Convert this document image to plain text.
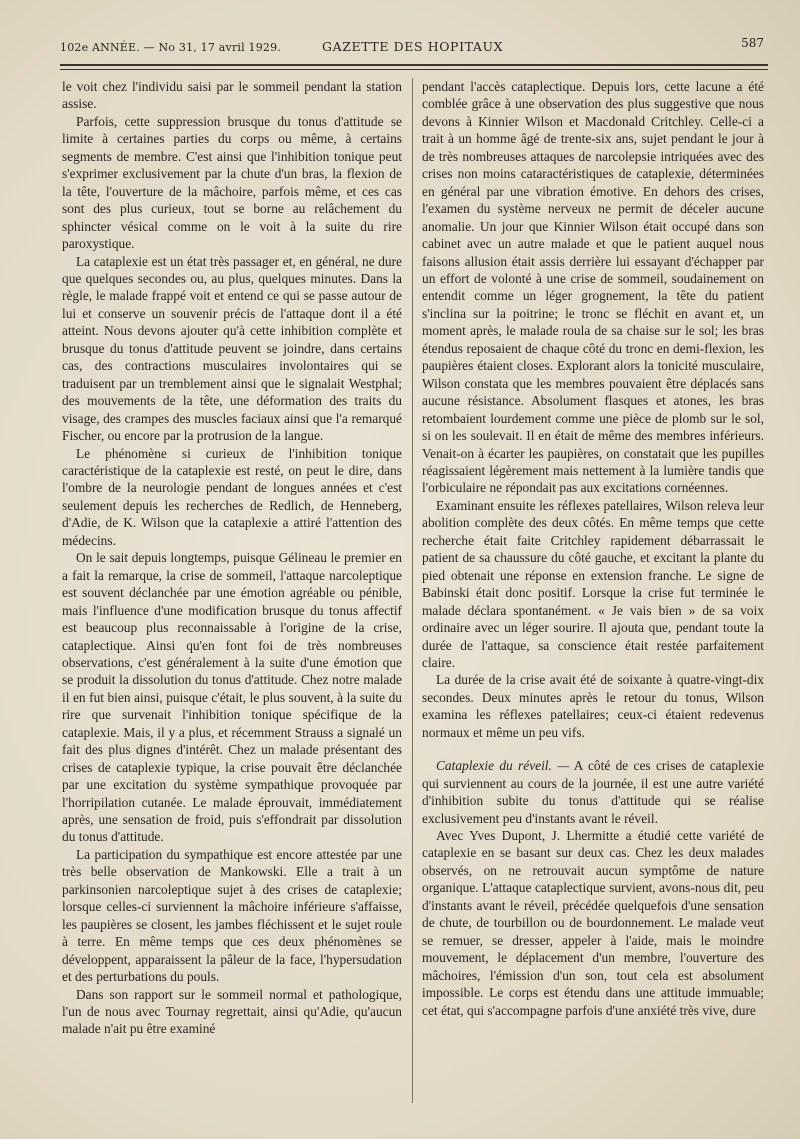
102e ANNÉE. — No 31, 17 avril 1929.	GAZETTE DES HOPITAUX	587

le voit chez l'individu saisi par le sommeil pendant la station assise.

Parfois, cette suppression brusque du tonus d'attitude se limite à certaines parties du corps ou même, à certains segments de membre. C'est ainsi que l'inhibition tonique peut s'exprimer exclusivement par la chute d'un bras, la flexion de la tête, l'ouverture de la mâchoire, parfois même, et ces cas sont des plus curieux, tout se borne au relâchement du sphincter vésical comme on le voit à la suite du rire paroxystique.

La cataplexie est un état très passager et, en général, ne dure que quelques secondes ou, au plus, quelques minutes. Dans la règle, le malade frappé voit et entend ce qui se passe autour de lui et conserve un souvenir précis de l'attaque dont il a été atteint. Nous devons ajouter qu'à cette inhibition complète et brusque du tonus d'attitude peuvent se joindre, dans certains cas, des contractions musculaires involontaires qui se traduisent par un tremblement ainsi que le signalait Westphal; des mouvements de la tête, une déformation des traits du visage, des crampes des muscles faciaux ainsi que l'a remarqué Fischer, ou encore par la protrusion de la langue.

Le phénomène si curieux de l'inhibition tonique caractéristique de la cataplexie est resté, on peut le dire, dans l'ombre de la neurologie pendant de longues années et c'est seulement depuis les recherches de Redlich, de Henneberg, d'Adie, de K. Wilson que la cataplexie a attiré l'attention des médecins.

On le sait depuis longtemps, puisque Gélineau le premier en a fait la remarque, la crise de sommeil, l'attaque narcoleptique est souvent déclanchée par une émotion agréable ou pénible, mais l'influence d'une modification brusque du tonus affectif est beaucoup plus reconnaissable à l'origine de la crise, cataplectique. Ainsi qu'en font foi de très nombreuses observations, c'est généralement à la suite d'une émotion que se produit la dissolution du tonus d'attitude. Chez notre malade il en fut bien ainsi, puisque c'était, le plus souvent, à la suite du rire que survenait l'inhibition tonique spécifique de la cataplexie. Mais, il y a plus, et récemment Strauss a signalé un fait des plus dignes d'intérêt. Chez un malade présentant des crises de cataplexie typique, la crise pouvait être déclanchée par une excitation du système sympathique provoquée par l'horripilation cutanée. Le malade éprouvait, immédiatement après, une sensation de froid, puis s'effondrait par dissolution du tonus d'attitude.

La participation du sympathique est encore attestée par une très belle observation de Mankowski. Elle a trait à un parkinsonien narcoleptique sujet à des crises de cataplexie; lorsque celles-ci surviennent la mâchoire inférieure s'affaisse, les paupières se closent, les jambes fléchissent et le sujet roule à terre. En même temps que ces deux phénomènes se développent, apparaissent la pâleur de la face, l'hypersudation et des perturbations du pouls.

Dans son rapport sur le sommeil normal et pathologique, l'un de nous avec Tournay regrettait, ainsi qu'Adie, qu'aucun malade n'ait pu être examiné

pendant l'accès cataplectique. Depuis lors, cette lacune a été comblée grâce à une observation des plus suggestive que nous devons à Kinnier Wilson et Macdonald Critchley. Celle-ci a trait à un homme âgé de trente-six ans, sujet pendant le jour à de très nombreuses attaques de narcolepsie intriquées avec des crises non moins cataractéristiques de cataplexie, déterminées en général par une vibration émotive. En dehors des crises, l'examen du système nerveux ne permit de déceler aucune anomalie. Un jour que Kinnier Wilson était occupé dans son cabinet avec un autre malade et que le patient auquel nous faisons allusion était assis derrière lui essayant d'échapper par un effort de volonté à une crise de sommeil, soudainement on entendit comme un léger grognement, la tête du patient s'inclina sur la poitrine; le tronc se fléchit en avant et, un moment après, le malade roula de sa chaise sur le sol; les bras étendus reposaient de chaque côté du tronc en demi-flexion, les paupières étaient closes. Explorant alors la tonicité musculaire, Wilson constata que les membres pouvaient être déplacés sans aucune résistance. Absolument flasques et atones, les bras retombaient lourdement comme une pièce de plomb sur le sol, si on les soulevait. Il en était de même des membres inférieurs. Venait-on à écarter les paupières, on constatait que les pupilles réagissaient légèrement mais nettement à la lumière tandis que l'orbiculaire ne répondait pas aux excitations cornéennes.

Examinant ensuite les réflexes patellaires, Wilson releva leur abolition complète des deux côtés. En même temps que cette recherche était faite Critchley rapidement débarrassait le patient de sa chaussure du côté gauche, et excitant la plante du pied obtenait une réponse en extension franche. Le signe de Babinski était donc positif. Lorsque la crise fut terminée le malade déclara spontanément. « Je vais bien » de sa voix ordinaire avec un léger sourire. Il ajouta que, pendant toute la durée de l'attaque, sa conscience était restée parfaitement claire.

La durée de la crise avait été de soixante à quatre-vingt-dix secondes. Deux minutes après le retour du tonus, Wilson examina les réflexes patellaires; ceux-ci étaient redevenus normaux et même un peu vifs.

Cataplexie du réveil. — A côté de ces crises de cataplexie qui surviennent au cours de la journée, il est une autre variété d'inhibition subite du tonus d'attitude qui se réalise exclusivement peu d'instants avant le réveil.

Avec Yves Dupont, J. Lhermitte a étudié cette variété de cataplexie en se basant sur deux cas. Chez les deux malades observés, on ne retrouvait aucun symptôme de nature organique. L'attaque cataplectique survient, avons-nous dit, peu d'instants avant le réveil, précédée quelquefois d'une sensation de chute, de tourbillon ou de bourdonnement. Le malade veut se remuer, se dresser, appeler à l'aide, mais le moindre mouvement, le déplacement d'un membre, l'ouverture des mâchoires, l'émission d'un son, tout cela est absolument impossible. Le corps est étendu dans une attitude immuable; cet état, qui s'accompagne parfois d'une anxiété très vive, dure
